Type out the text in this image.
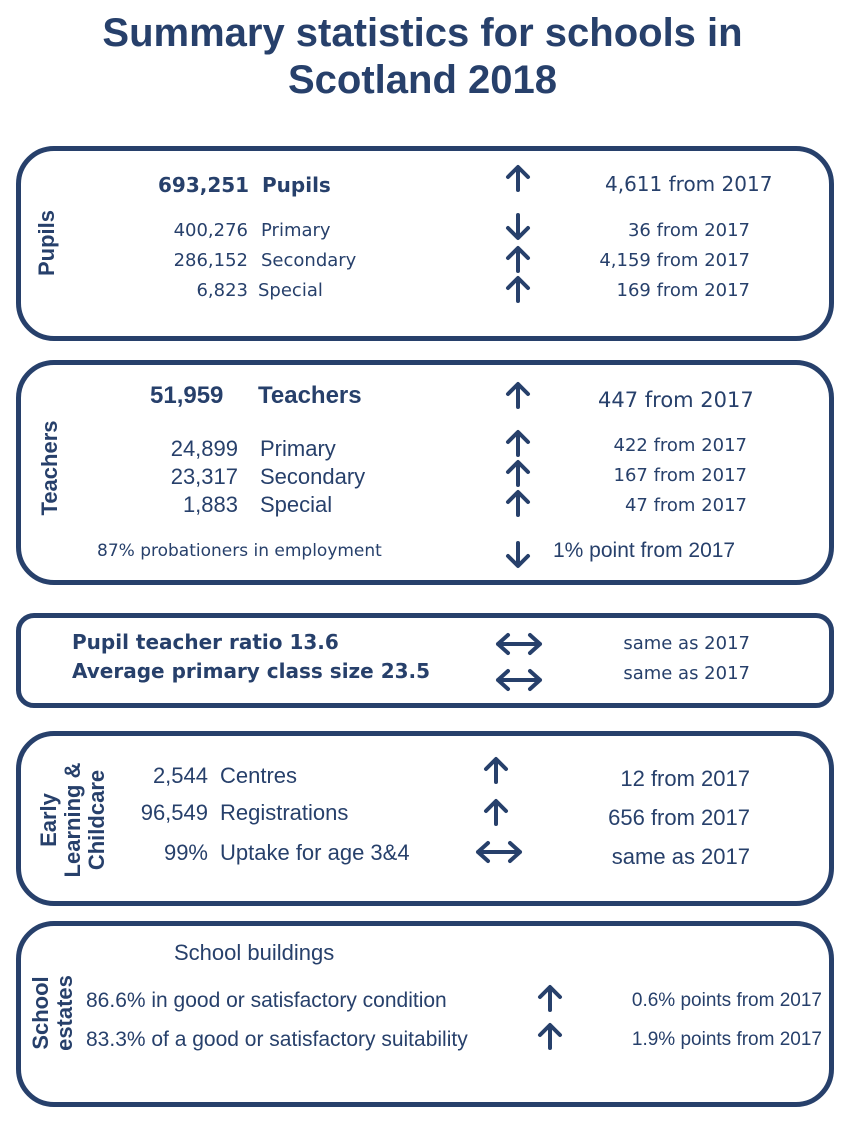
Summary statistics for schools in
Scotland 2018
Pupils
693,251 Pupils	4,611 from 2017
400,276 Primary	36 from 2017
286,152 Secondary	4,159 from 2017
6,823 Special	169 from 2017
Teachers
51,959 Teachers	447 from 2017
24,899 Primary	422 from 2017
23,317 Secondary	167 from 2017
1,883 Special	47 from 2017
87% probationers in employment	1% point from 2017
Pupil teacher ratio 13.6	same as 2017
Average primary class size 23.5	same as 2017
Early Learning & Childcare	2,544 Centres	12 from 2017
96,549 Registrations	656 from 2017
99% Uptake for age 3&4	same as 2017
School estates
School buildings
86.6% in good or satisfactory condition	0.6% points from 2017
83.3% of a good or satisfactory suitability	1.9% points from 2017
